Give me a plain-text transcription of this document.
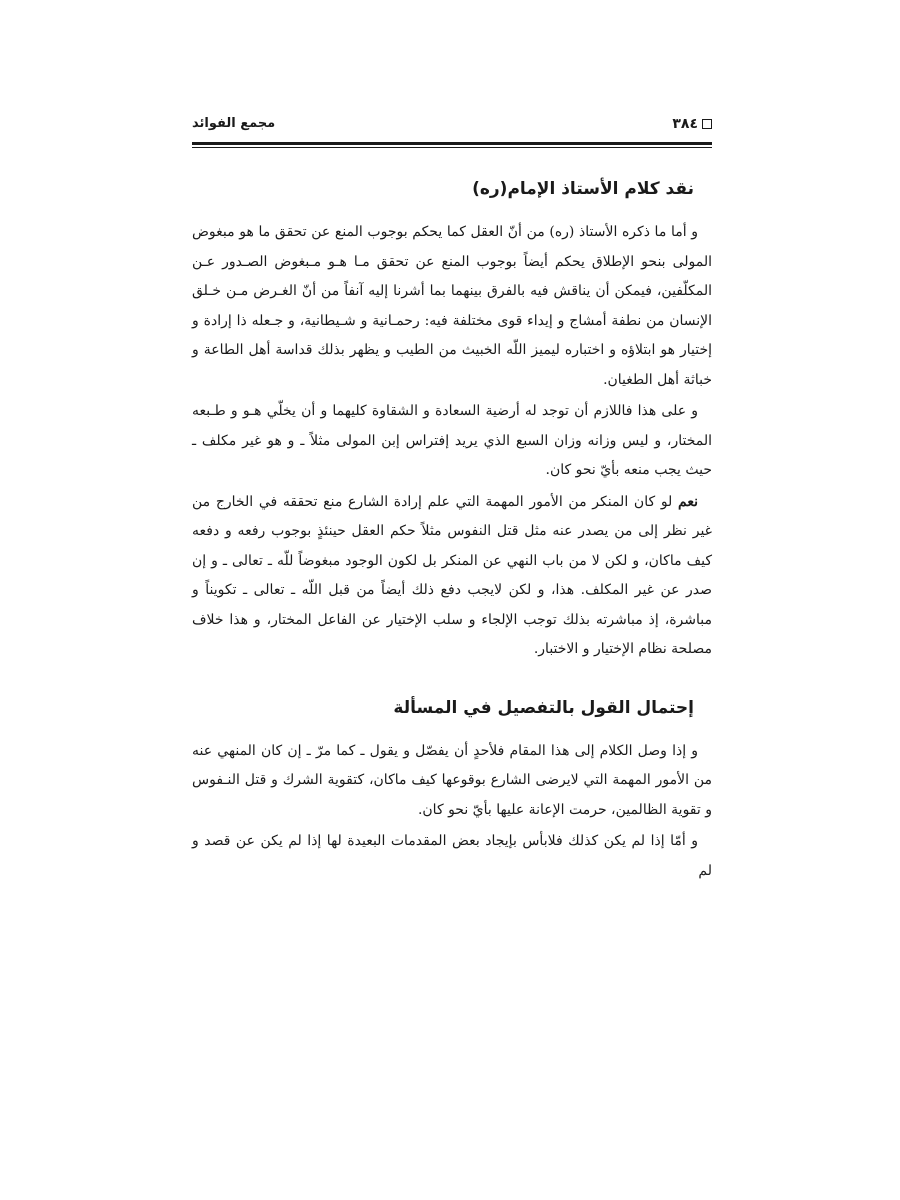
٣٨٤
مجمع الفوائد
نقد كلام الأستاذ الإمام(ره)

و أما ما ذكره الأستاذ (ره) من أنّ العقل كما يحكم بوجوب المنع عن تحقق ما هو مبغوض المولى بنحو الإطلاق يحكم أيضاً بوجوب المنع عن تحقق مـا هـو مـبغوض الصـدور عـن المكلّفين، فيمكن أن يناقش فيه بالفرق بينهما بما أشرنا إليه آنفاً من أنّ الغـرض مـن خـلق الإنسان من نطفة أمشاج و إيداء قوى مختلفة فيه: رحمـانية و شـيطانية، و جـعله ذا إرادة و إختيار هو ابتلاؤه و اختباره ليميز اللّه الخبيث من الطيب و يظهر بذلك قداسة أهل الطاعة و خباثة أهل الطغيان.

و على هذا فاللازم أن توجد له أرضية السعادة و الشقاوة كليهما و أن يخلّي هـو و طـبعه المختار، و ليس وزانه وزان السبع الذي يريد إفتراس إبن المولى مثلاً ـ و هو غير مكلف ـ حيث يجب منعه بأيّ نحو كان.

نعم لو كان المنكر من الأمور المهمة التي علم إرادة الشارع منع تحققه في الخارج من غير نظر إلى من يصدر عنه مثل قتل النفوس مثلاً حكم العقل حينئذٍ بوجوب رفعه و دفعه كيف ماكان، و لكن لا من باب النهي عن المنكر بل لكون الوجود مبغوضاً للّه ـ تعالى ـ و إن صدر عن غير المكلف. هذا، و لكن لايجب دفع ذلك أيضاً من قبل اللّه ـ تعالى ـ تكويناً و مباشرة، إذ مباشرته بذلك توجب الإلجاء و سلب الإختيار عن الفاعل المختار، و هذا خلاف مصلحة نظام الإختيار و الاختبار.

إحتمال القول بالتفصيل في المسألة

و إذا وصل الكلام إلى هذا المقام فلأحدٍ أن يفصّل و يقول ـ كما مرّ ـ إن كان المنهي عنه من الأمور المهمة التي لايرضى الشارع بوقوعها كيف ماكان، كتقوية الشرك و قتل النـفوس و تقوية الظالمين، حرمت الإعانة عليها بأيّ نحو كان.

و أمّا إذا لم يكن كذلك فلابأس بإيجاد بعض المقدمات البعيدة لها إذا لم يكن عن قصد و لم
